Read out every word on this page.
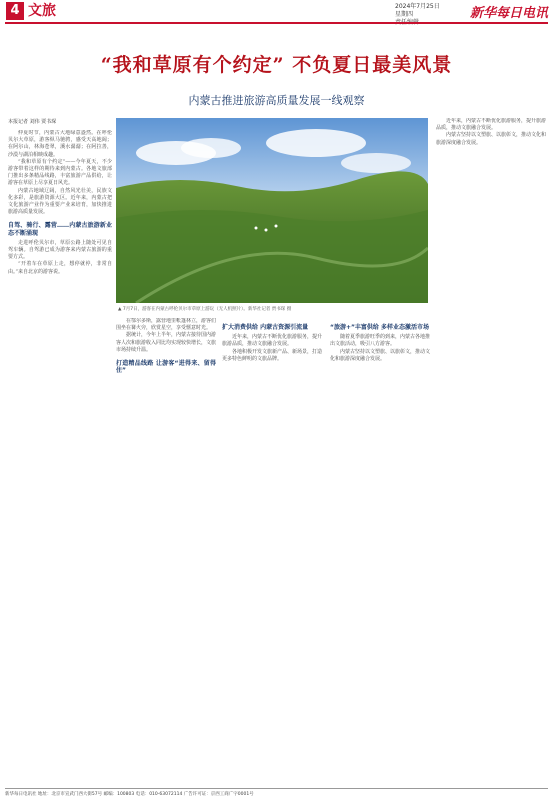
4 文旅	2024年7月25日
星期四	新华每日电讯
“我和草原有个约定” 不负夏日最美风景
内蒙古推进旅游高质量发展一线观察
本报记者 刘伟 贾书琛

仲夏时节，内蒙古大地绿意盎然。在呼伦贝尔大草原，游客纵马驰骋，感受天高地阔；在阿尔山，林海苍翠，溪水潺潺；在阿拉善，沙漠与湖泊相映成趣。

“我和草原有个约定”——今年夏天，不少游客带着这样的期待来到内蒙古。各地文旅部门推出多条精品线路，丰富旅游产品供给，让游客在草原上尽享夏日风光。

内蒙古地域辽阔，自然风光壮美，民族文化多彩，是旅游资源大区。近年来，内蒙古把文化旅游产业作为重要产业来培育，加快推进旅游高质量发展。

自驾、骑行、露营……内蒙古旅游新业态不断涌现

走进呼伦贝尔市，草原公路上随处可见自驾车辆。自驾游已成为游客来内蒙古旅游的重要方式。

“开着车在草原上走，想停就停，非常自由。”来自北京的游客说。

▲ 7月7日，游客在内蒙古呼伦贝尔市草原上游玩（无人机照片）。新华社记者 贾书琛 摄

在鄂尔多斯，露营地里帐篷林立，游客们围坐在篝火旁，欣赏星空，享受惬意时光。

据统计，今年上半年，内蒙古接待国内游客人次和旅游收入同比均实现较快增长，文旅市场持续升温。

打造精品线路 让游客“进得来、留得住”
扩大消费供给 内蒙古资源引流量

近年来，内蒙古不断优化旅游服务，提升旅游品质，推动文旅融合发展。

各地积极开发文旅新产品、新场景，打造更多特色鲜明的文旅品牌。

“旅游+”丰富供给 多样业态激活市场

随着夏季旅游旺季的到来，内蒙古各地推出文旅活动，吸引八方游客。

内蒙古坚持以文塑旅、以旅彰文，推动文化和旅游深度融合发展。

近年来，内蒙古不断优化旅游服务，提升旅游品质，推动文旅融合发展。

内蒙古坚持以文塑旅、以旅彰文，推动文化和旅游深度融合发展。

新华每日电讯社 地址：北京市宣武门西大街57号 邮编：100803 电话：010-63072114 广告许可证：京西工商广字0001号
